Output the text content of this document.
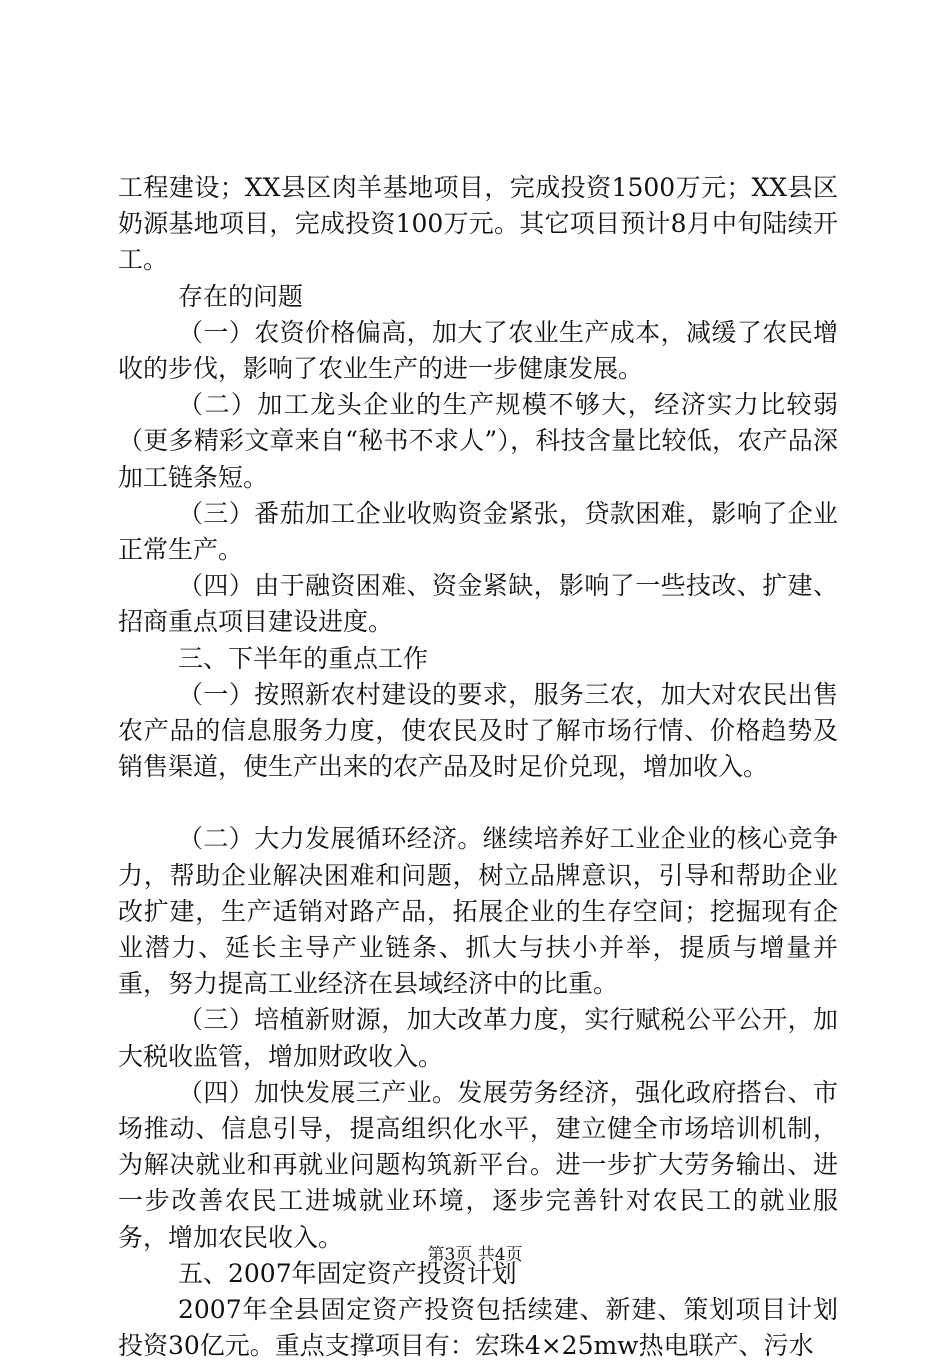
工程建设；XX县区肉羊基地项目，完成投资1500万元；XX县区奶源基地项目，完成投资100万元。其它项目预计8月中旬陆续开工。

存在的问题

（一）农资价格偏高，加大了农业生产成本，减缓了农民增收的步伐，影响了农业生产的进一步健康发展。

（二）加工龙头企业的生产规模不够大，经济实力比较弱（更多精彩文章来自“秘书不求人”），科技含量比较低，农产品深加工链条短。

（三）番茄加工企业收购资金紧张，贷款困难，影响了企业正常生产。

（四）由于融资困难、资金紧缺，影响了一些技改、扩建、招商重点项目建设进度。

三、下半年的重点工作

（一）按照新农村建设的要求，服务三农，加大对农民出售农产品的信息服务力度，使农民及时了解市场行情、价格趋势及销售渠道，使生产出来的农产品及时足价兑现，增加收入。

（二）大力发展循环经济。继续培养好工业企业的核心竞争力，帮助企业解决困难和问题，树立品牌意识，引导和帮助企业改扩建，生产适销对路产品，拓展企业的生存空间；挖掘现有企业潜力、延长主导产业链条、抓大与扶小并举，提质与增量并重，努力提高工业经济在县域经济中的比重。

（三）培植新财源，加大改革力度，实行赋税公平公开，加大税收监管，增加财政收入。

（四）加快发展三产业。发展劳务经济，强化政府搭台、市场推动、信息引导，提高组织化水平，建立健全市场培训机制，为解决就业和再就业问题构筑新平台。进一步扩大劳务输出、进一步改善农民工进城就业环境，逐步完善针对农民工的就业服务，增加农民收入。

五、2007年固定资产投资计划

2007年全县固定资产投资包括续建、新建、策划项目计划投资30亿元。重点支撑项目有：宏珠4×25mw热电联产、污水

第3页 共4页
